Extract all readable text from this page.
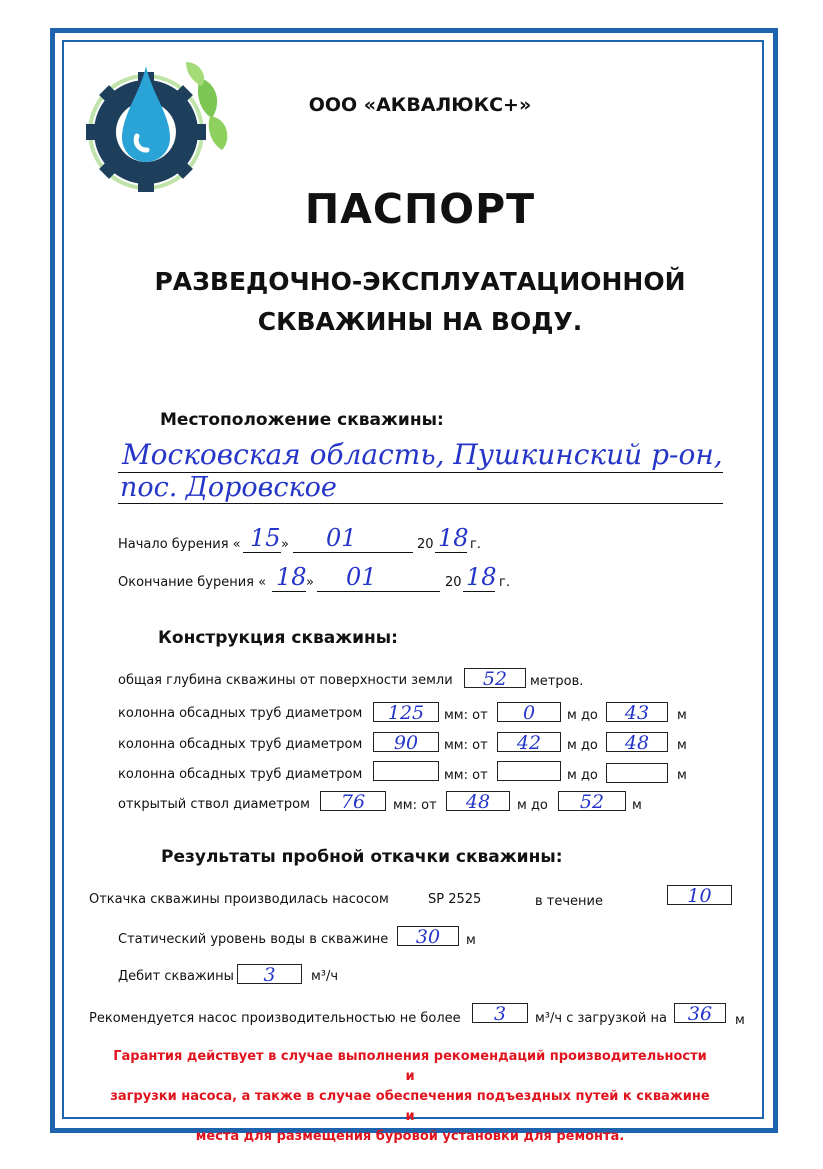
ООО «АКВАЛЮКС+»
ПАСПОРТ
РАЗВЕДОЧНО-ЭКСПЛУАТАЦИОННОЙ
СКВАЖИНЫ НА ВОДУ.
Местоположение скважины:
Московская область, Пушкинский р-он,
пос. Доровское
Начало бурения « 15 » 01	20 18 г.
Окончание бурения « 18 » 01	20 18 г.
Конструкция скважины:
общая глубина скважины от поверхности земли	52	метров.
колонна обсадных труб диаметром	125	мм: от	0	м до	43	м
колонна обсадных труб диаметром	90	мм: от	42	м до	48	м
колонна обсадных труб диаметром	мм: от	м до	м
открытый ствол диаметром	76	мм: от	48	м до	52	м
Результаты пробной откачки скважины:
Откачка скважины производилась насосом	SP 2525	в течение	10
Статический уровень воды в скважине	30	м
Дебит скважины	3	м³/ч
Рекомендуется насос производительностью не более	3	м³/ч с загрузкой на	36	м
Гарантия действует в случае выполнения рекомендаций производительности и
загрузки насоса, а также в случае обеспечения подъездных путей к скважине и
места для размещения буровой установки для ремонта.
